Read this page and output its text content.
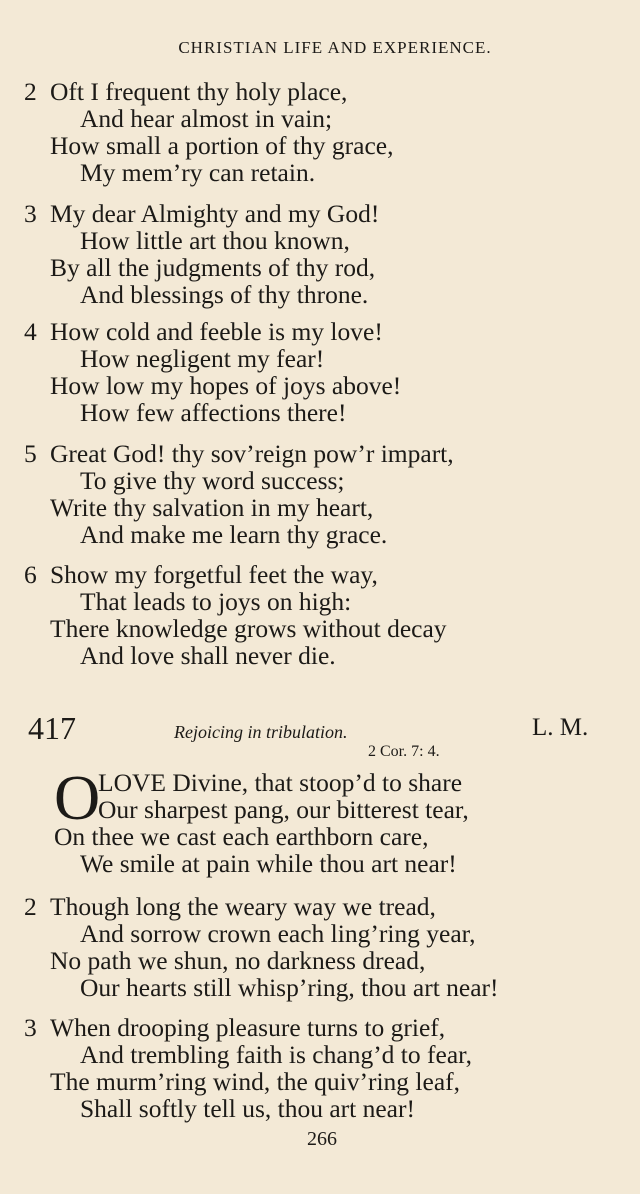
CHRISTIAN LIFE AND EXPERIENCE.
2 Oft I frequent thy holy place,
And hear almost in vain;
How small a portion of thy grace,
My mem’ry can retain.
3 My dear Almighty and my God!
How little art thou known,
By all the judgments of thy rod,
And blessings of thy throne.
4 How cold and feeble is my love!
How negligent my fear!
How low my hopes of joys above!
How few affections there!
5 Great God! thy sov’reign pow’r impart,
To give thy word success;
Write thy salvation in my heart,
And make me learn thy grace.
6 Show my forgetful feet the way,
That leads to joys on high:
There knowledge grows without decay
And love shall never die.
417	Rejoicing in tribulation.	L. M.
2 Cor. 7: 4.
O
LOVE Divine, that stoop’d to share
Our sharpest pang, our bitterest tear,
On thee we cast each earthborn care,
We smile at pain while thou art near!
2 Though long the weary way we tread,
And sorrow crown each ling’ring year,
No path we shun, no darkness dread,
Our hearts still whisp’ring, thou art near!
3 When drooping pleasure turns to grief,
And trembling faith is chang’d to fear,
The murm’ring wind, the quiv’ring leaf,
Shall softly tell us, thou art near!
266
